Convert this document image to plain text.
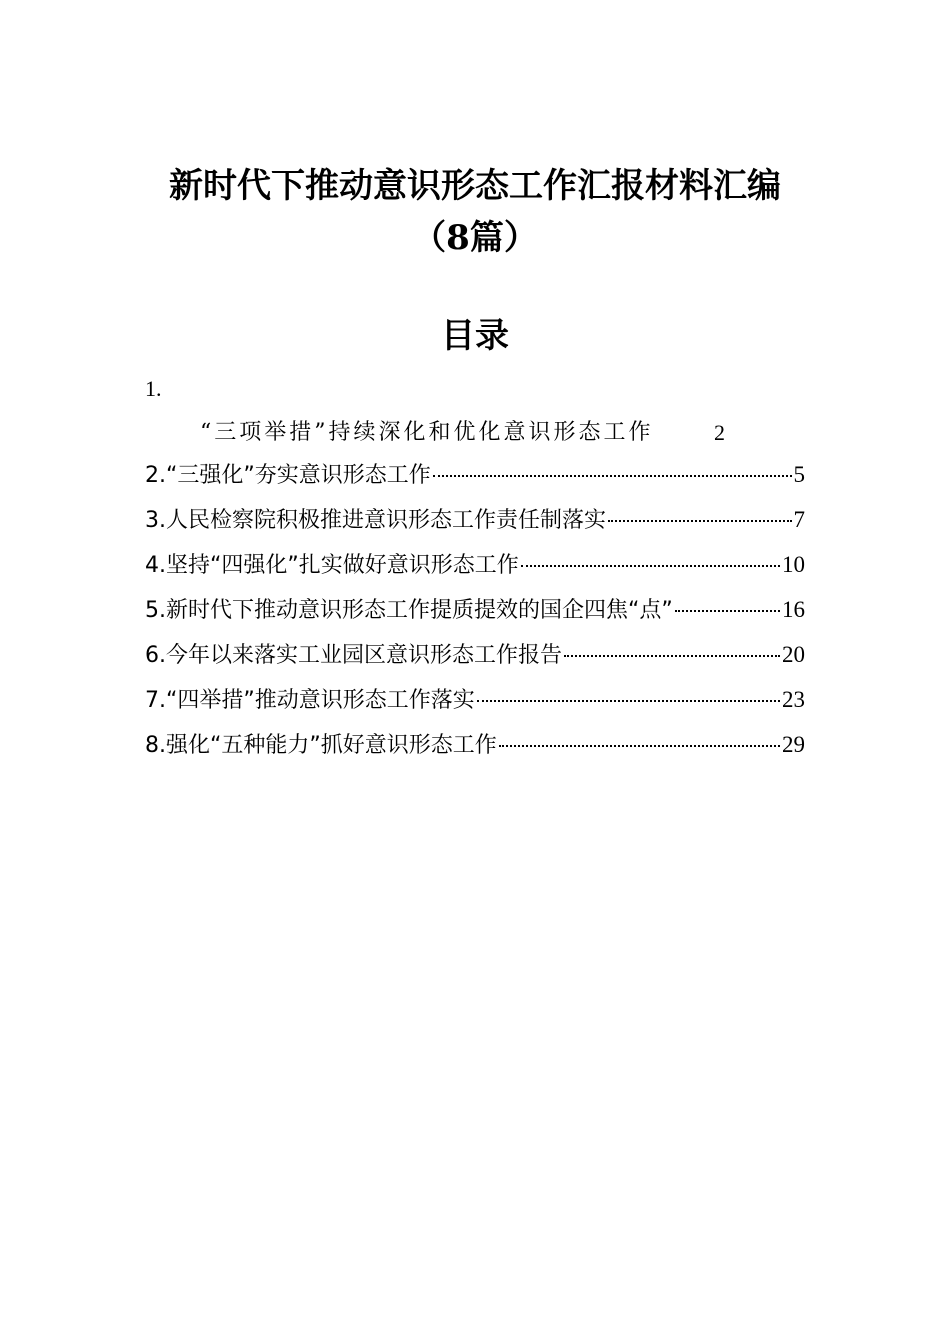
新时代下推动意识形态工作汇报材料汇编
（8篇）
目录
1.
“三项举措”持续深化和优化意识形态工作	2
2.“三强化”夯实意识形态工作	5
3.人民检察院积极推进意识形态工作责任制落实	7
4.坚持“四强化”扎实做好意识形态工作	10
5.新时代下推动意识形态工作提质提效的国企四焦“点”	16
6.今年以来落实工业园区意识形态工作报告	20
7.“四举措”推动意识形态工作落实	23
8.强化“五种能力”抓好意识形态工作	29
